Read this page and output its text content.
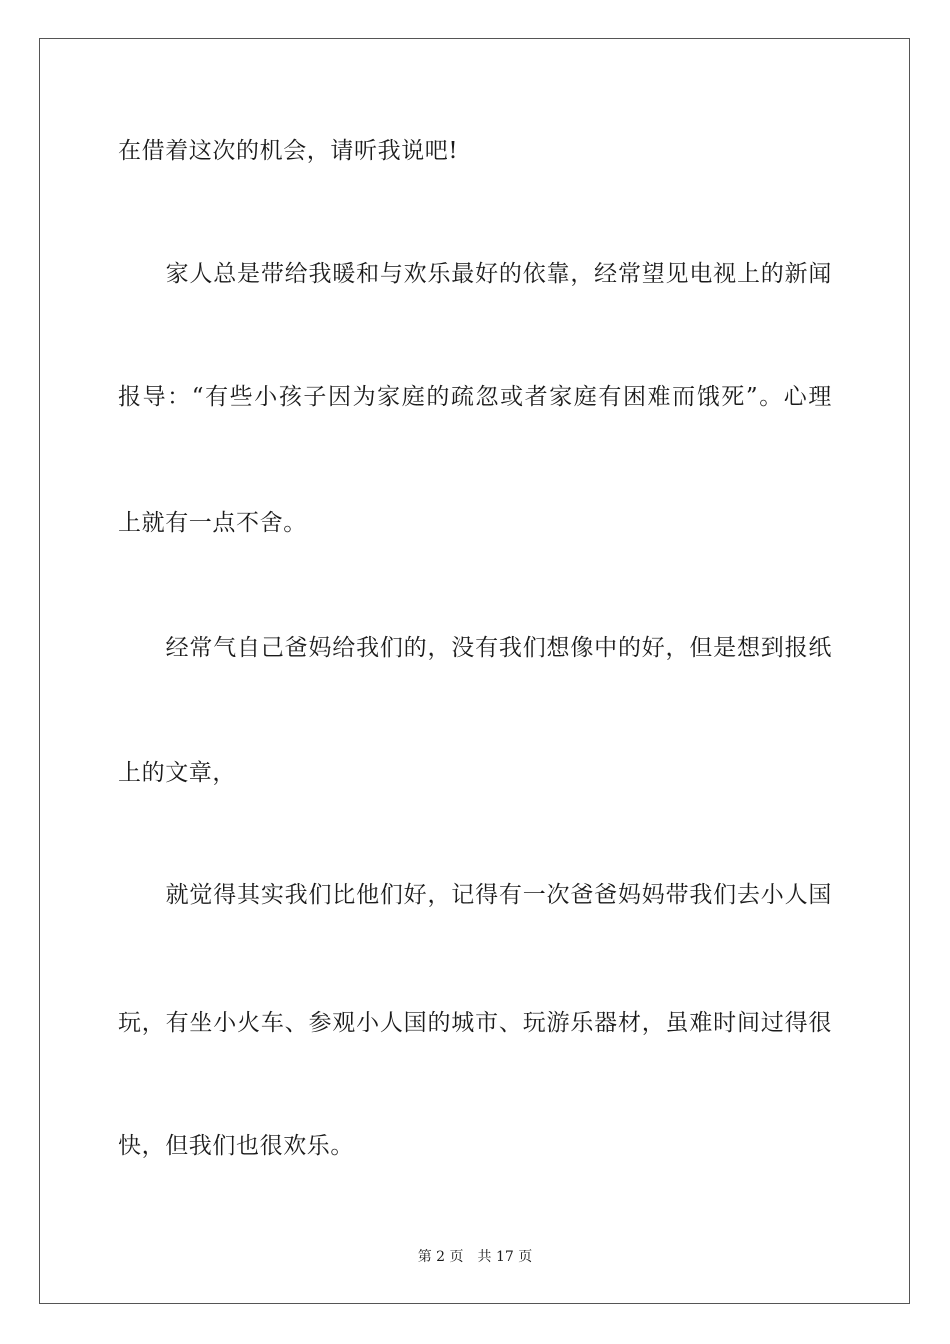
在借着这次的机会，请听我说吧!
　　家人总是带给我暖和与欢乐最好的依靠，经常望见电视上的新闻
报导：“有些小孩子因为家庭的疏忽或者家庭有困难而饿死”。心理
上就有一点不舍。
　　经常气自己爸妈给我们的，没有我们想像中的好，但是想到报纸
上的文章，
　　就觉得其实我们比他们好，记得有一次爸爸妈妈带我们去小人国
玩，有坐小火车、参观小人国的城市、玩游乐器材，虽难时间过得很
快，但我们也很欢乐。
第 2 页 共 17 页
